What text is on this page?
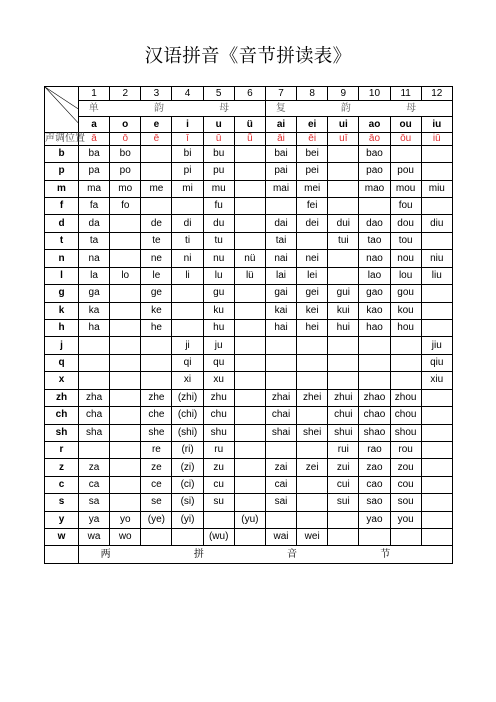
汉语拼音《音节拼读表》
	1	2	3	4	5	6	7	8	9	10	11	12
	单 韵 母						复 韵 母					
	a	o	e	i	u	ü	ai	ei	ui	ao	ou	iu
声调位置	ā	ō	ē	ī	ū	ǖ	āi	ēi	uī	āo	ōu	iū
b	ba	bo		bi	bu		bai	bei		bao		
p	pa	po		pi	pu		pai	pei		pao	pou	
m	ma	mo	me	mi	mu		mai	mei		mao	mou	miu
f	fa	fo			fu			fei			fou	
d	da		de	di	du		dai	dei	dui	dao	dou	diu
t	ta		te	ti	tu		tai		tui	tao	tou	
n	na		ne	ni	nu	nü	nai	nei		nao	nou	niu
l	la	lo	le	li	lu	lü	lai	lei		lao	lou	liu
g	ga		ge		gu		gai	gei	gui	gao	gou	
k	ka		ke		ku		kai	kei	kui	kao	kou	
h	ha		he		hu		hai	hei	hui	hao	hou	
j				ji	ju							jiu
q				qi	qu							qiu
x				xi	xu							xiu
zh	zha		zhe	(zhi)	zhu		zhai	zhei	zhui	zhao	zhou	
ch	cha		che	(chi)	chu		chai		chui	chao	chou	
sh	sha		she	(shi)	shu		shai	shei	shui	shao	shou	
r			re	(ri)	ru				rui	rao	rou	
z	za		ze	(zi)	zu		zai	zei	zui	zao	zou	
c	ca		ce	(ci)	cu		cai		cui	cao	cou	
s	sa		se	(si)	su		sai		sui	sao	sou	
y	ya	yo	(ye)	(yi)		(yu)				yao	you	
w	wa	wo			(wu)		wai	wei				
	两 拼 音 节											
